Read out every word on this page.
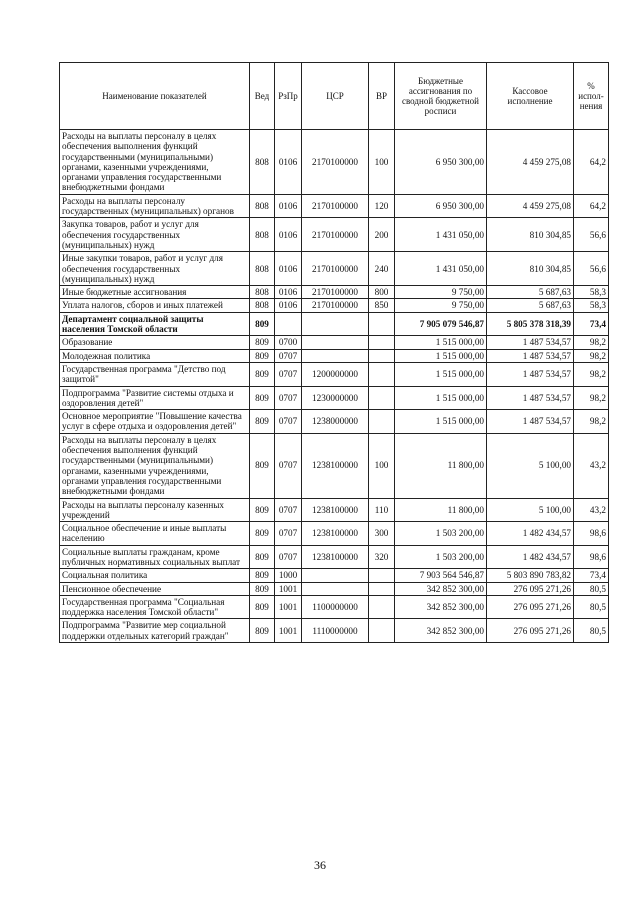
Наименование показателей	Вед	РзПр	ЦСР	ВР	Бюджетные ассигнования по сводной бюджетной росписи	Кассовое исполнение	% испол-нения
Расходы на выплаты персоналу в целях обеспечения выполнения функций государственными (муниципальными) органами, казенными учреждениями, органами управления государственными внебюджетными фондами	808	0106	2170100000	100	6 950 300,00	4 459 275,08	64,2
Расходы на выплаты персоналу государственных (муниципальных) органов	808	0106	2170100000	120	6 950 300,00	4 459 275,08	64,2
Закупка товаров, работ и услуг для обеспечения государственных (муниципальных) нужд	808	0106	2170100000	200	1 431 050,00	810 304,85	56,6
Иные закупки товаров, работ и услуг для обеспечения государственных (муниципальных) нужд	808	0106	2170100000	240	1 431 050,00	810 304,85	56,6
Иные бюджетные ассигнования	808	0106	2170100000	800	9 750,00	5 687,63	58,3
Уплата налогов, сборов и иных платежей	808	0106	2170100000	850	9 750,00	5 687,63	58,3
Департамент социальной защиты населения Томской области	809				7 905 079 546,87	5 805 378 318,39	73,4
Образование	809	0700			1 515 000,00	1 487 534,57	98,2
Молодежная политика	809	0707			1 515 000,00	1 487 534,57	98,2
Государственная программа "Детство под защитой"	809	0707	1200000000		1 515 000,00	1 487 534,57	98,2
Подпрограмма "Развитие системы отдыха и оздоровления детей"	809	0707	1230000000		1 515 000,00	1 487 534,57	98,2
Основное мероприятие "Повышение качества услуг в сфере отдыха и оздоровления детей"	809	0707	1238000000		1 515 000,00	1 487 534,57	98,2
Расходы на выплаты персоналу в целях обеспечения выполнения функций государственными (муниципальными) органами, казенными учреждениями, органами управления государственными внебюджетными фондами	809	0707	1238100000	100	11 800,00	5 100,00	43,2
Расходы на выплаты персоналу казенных учреждений	809	0707	1238100000	110	11 800,00	5 100,00	43,2
Социальное обеспечение и иные выплаты населению	809	0707	1238100000	300	1 503 200,00	1 482 434,57	98,6
Социальные выплаты гражданам, кроме публичных нормативных социальных выплат	809	0707	1238100000	320	1 503 200,00	1 482 434,57	98,6
Социальная политика	809	1000			7 903 564 546,87	5 803 890 783,82	73,4
Пенсионное обеспечение	809	1001			342 852 300,00	276 095 271,26	80,5
Государственная программа "Социальная поддержка населения Томской области"	809	1001	1100000000		342 852 300,00	276 095 271,26	80,5
Подпрограмма "Развитие мер социальной поддержки отдельных категорий граждан"	809	1001	1110000000		342 852 300,00	276 095 271,26	80,5
36
